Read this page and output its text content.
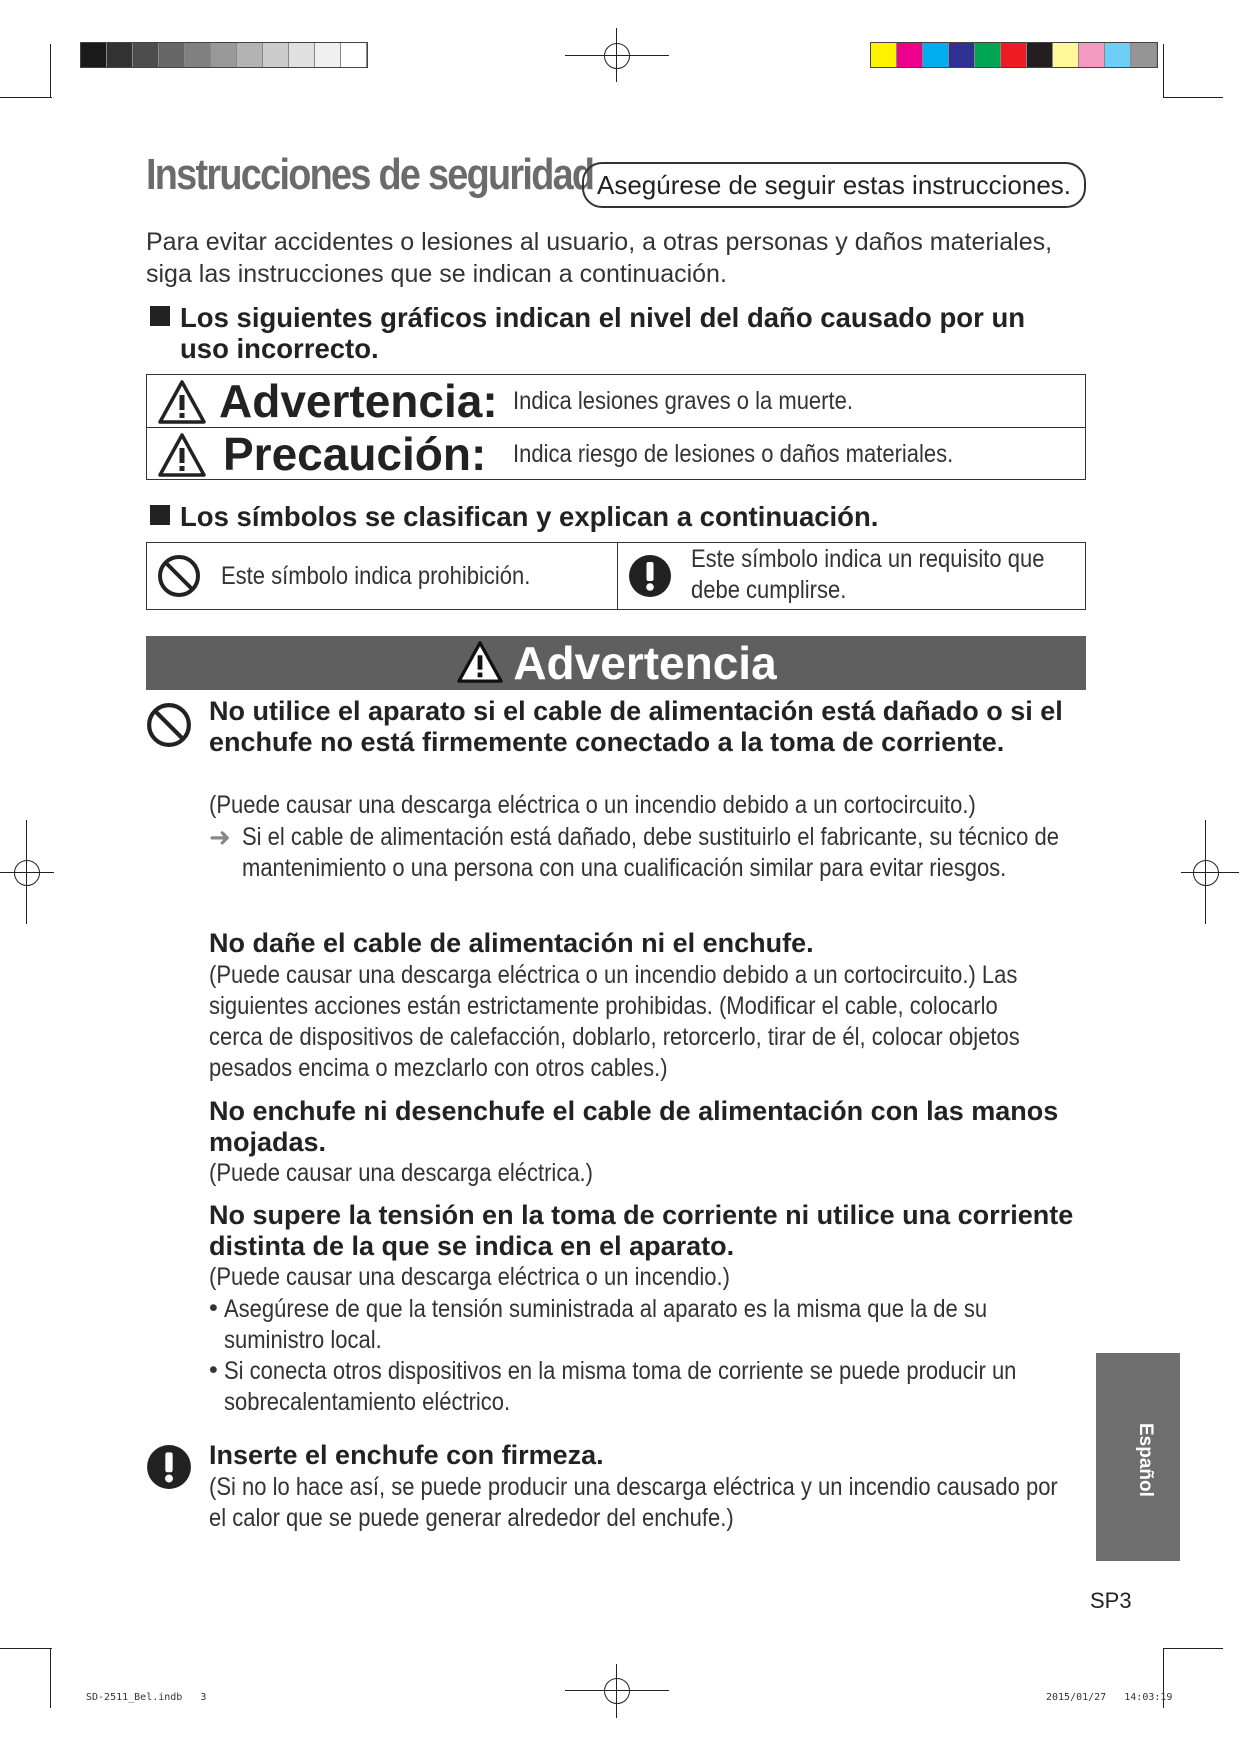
Instrucciones de seguridad Asegúrese de seguir estas instrucciones.
Para evitar accidentes o lesiones al usuario, a otras personas y daños materiales, siga las instrucciones que se indican a continuación.
Los siguientes gráficos indican el nivel del daño causado por un
uso incorrecto.
Advertencia: Indica lesiones graves o la muerte.
Precaución: Indica riesgo de lesiones o daños materiales.
Los símbolos se clasifican y explican a continuación.
Este símbolo indica prohibición.
Este símbolo indica un requisito que debe cumplirse.
Advertencia
No utilice el aparato si el cable de alimentación está dañado o si el enchufe no está firmemente conectado a la toma de corriente.
(Puede causar una descarga eléctrica o un incendio debido a un cortocircuito.)
➜ Si el cable de alimentación está dañado, debe sustituirlo el fabricante, su técnico de mantenimiento o una persona con una cualificación similar para evitar riesgos.
No dañe el cable de alimentación ni el enchufe.
(Puede causar una descarga eléctrica o un incendio debido a un cortocircuito.) Las siguientes acciones están estrictamente prohibidas. (Modificar el cable, colocarlo cerca de dispositivos de calefacción, doblarlo, retorcerlo, tirar de él, colocar objetos pesados encima o mezclarlo con otros cables.)
No enchufe ni desenchufe el cable de alimentación con las manos mojadas.
(Puede causar una descarga eléctrica.)
No supere la tensión en la toma de corriente ni utilice una corriente distinta de la que se indica en el aparato.
(Puede causar una descarga eléctrica o un incendio.)
• Asegúrese de que la tensión suministrada al aparato es la misma que la de su suministro local.
• Si conecta otros dispositivos en la misma toma de corriente se puede producir un sobrecalentamiento eléctrico.
Inserte el enchufe con firmeza.
(Si no lo hace así, se puede producir una descarga eléctrica y un incendio causado por el calor que se puede generar alrededor del enchufe.)
Español
SP3
SD-2511_Bel.indb   3	2015/01/27   14:03:19
